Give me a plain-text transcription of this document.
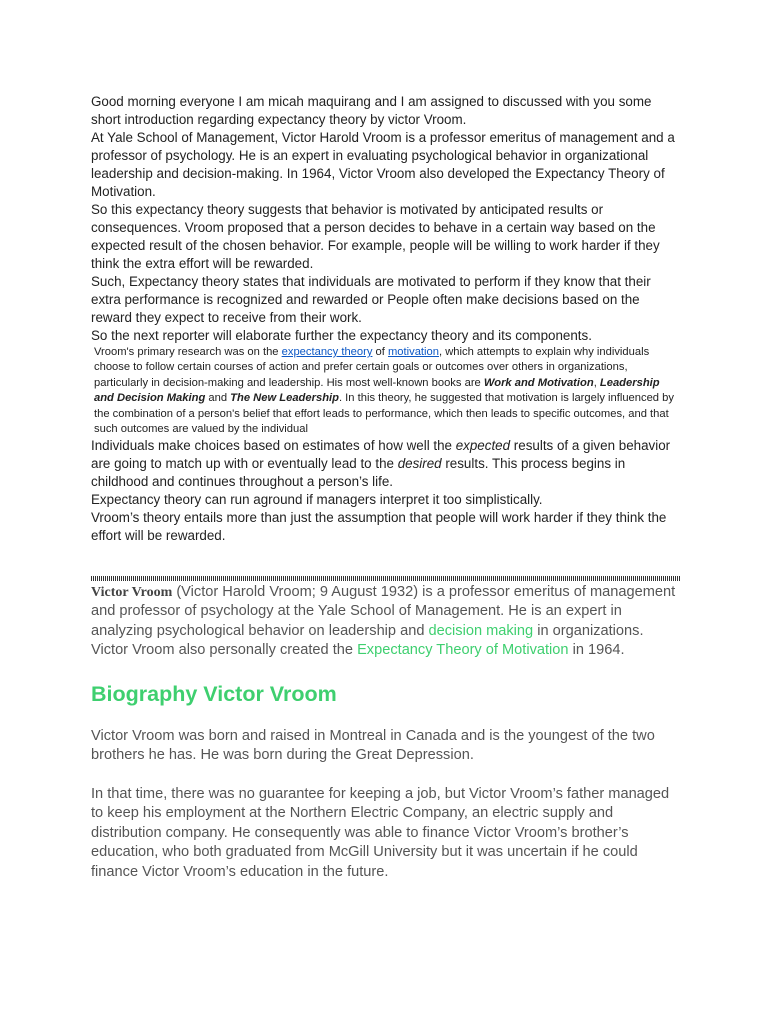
Good morning everyone I am micah maquirang and I am assigned to discussed with you some short introduction regarding expectancy theory by victor Vroom.

At Yale School of Management, Victor Harold Vroom is a professor emeritus of management and a professor of psychology. He is an expert in evaluating psychological behavior in organizational leadership and decision-making. In 1964, Victor Vroom also developed the Expectancy Theory of Motivation.

So this expectancy theory suggests that behavior is motivated by anticipated results or consequences. Vroom proposed that a person decides to behave in a certain way based on the expected result of the chosen behavior. For example, people will be willing to work harder if they think the extra effort will be rewarded.

Such, Expectancy theory states that individuals are motivated to perform if they know that their extra performance is recognized and rewarded or People often make decisions based on the reward they expect to receive from their work.

So the next reporter will elaborate further the expectancy theory and its components.

Vroom's primary research was on the expectancy theory of motivation, which attempts to explain why individuals choose to follow certain courses of action and prefer certain goals or outcomes over others in organizations, particularly in decision-making and leadership. His most well-known books are Work and Motivation, Leadership and Decision Making and The New Leadership. In this theory, he suggested that motivation is largely influenced by the combination of a person's belief that effort leads to performance, which then leads to specific outcomes, and that such outcomes are valued by the individual

Individuals make choices based on estimates of how well the expected results of a given behavior are going to match up with or eventually lead to the desired results. This process begins in childhood and continues throughout a person’s life.

Expectancy theory can run aground if managers interpret it too simplistically.

Vroom’s theory entails more than just the assumption that people will work harder if they think the effort will be rewarded.

Victor Vroom (Victor Harold Vroom; 9 August 1932) is a professor emeritus of management and professor of psychology at the Yale School of Management. He is an expert in analyzing psychological behavior on leadership and decision making in organizations. Victor Vroom also personally created the Expectancy Theory of Motivation in 1964.

Biography Victor Vroom

Victor Vroom was born and raised in Montreal in Canada and is the youngest of the two brothers he has. He was born during the Great Depression.

In that time, there was no guarantee for keeping a job, but Victor Vroom’s father managed to keep his employment at the Northern Electric Company, an electric supply and distribution company. He consequently was able to finance Victor Vroom’s brother’s education, who both graduated from McGill University but it was uncertain if he could finance Victor Vroom’s education in the future.
